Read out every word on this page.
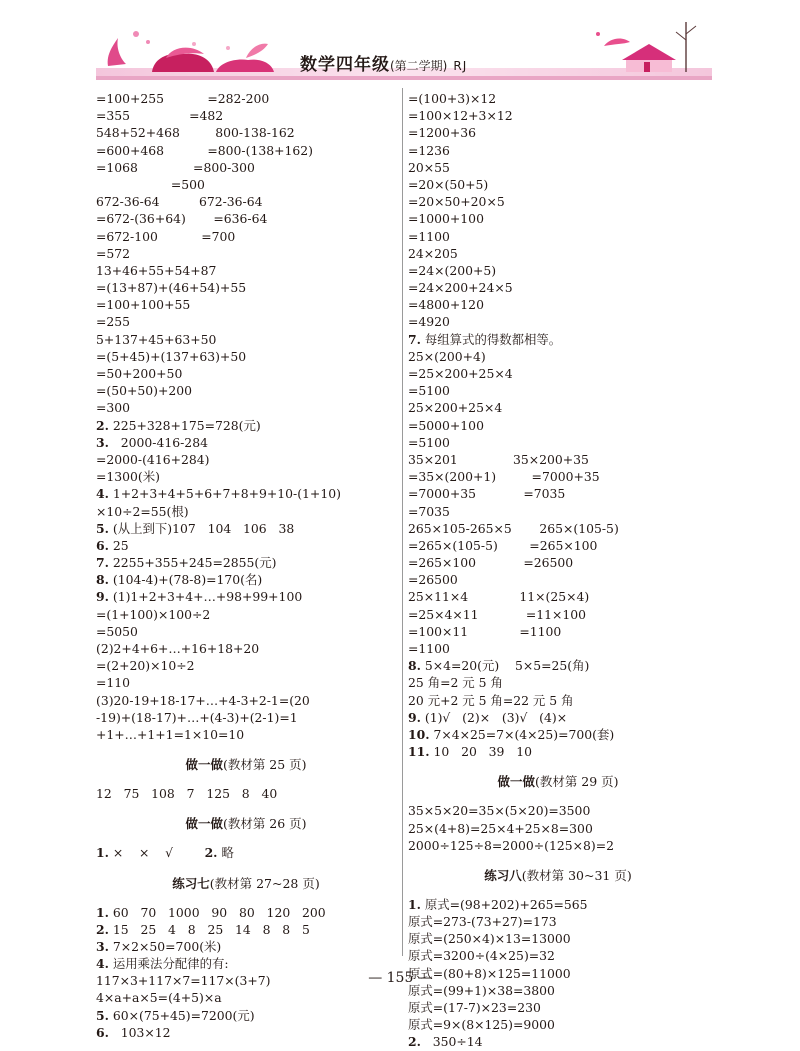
数学四年级(第二学期) RJ
=100+255           =282-200
=355               =482
548+52+468         800-138-162
=600+468           =800-(138+162)
=1068              =800-300
=500
672-36-64          672-36-64
=672-(36+64)       =636-64
=672-100           =700
=572
13+46+55+54+87
=(13+87)+(46+54)+55
=100+100+55
=255
5+137+45+63+50
=(5+45)+(137+63)+50
=50+200+50
=(50+50)+200
=300
2. 225+328+175=728(元)
3.   2000-416-284
=2000-(416+284)
=1300(米)
4. 1+2+3+4+5+6+7+8+9+10-(1+10)
×10÷2=55(根)
5. (从上到下)107   104   106   38
6. 25
7. 2255+355+245=2855(元)
8. (104-4)+(78-8)=170(名)
9. (1)1+2+3+4+…+98+99+100
=(1+100)×100÷2
=5050
(2)2+4+6+…+16+18+20
=(2+20)×10÷2
=110
(3)20-19+18-17+…+4-3+2-1=(20
-19)+(18-17)+…+(4-3)+(2-1)=1
+1+…+1+1=1×10=10
做一做(教材第 25 页)
12   75   108   7   125   8   40
做一做(教材第 26 页)
1. ×    ×    √        2. 略
练习七(教材第 27~28 页)
1. 60   70   1000   90   80   120   200
2. 15   25   4   8   25   14   8   8   5
3. 7×2×50=700(米)
4. 运用乘法分配律的有:
117×3+117×7=117×(3+7)
4×a+a×5=(4+5)×a
5. 60×(75+45)=7200(元)
6.   103×12
=(100+3)×12
=100×12+3×12
=1200+36
=1236
20×55
=20×(50+5)
=20×50+20×5
=1000+100
=1100
24×205
=24×(200+5)
=24×200+24×5
=4800+120
=4920
7. 每组算式的得数都相等。
25×(200+4)
=25×200+25×4
=5100
25×200+25×4
=5000+100
=5100
35×201              35×200+35
=35×(200+1)         =7000+35
=7000+35            =7035
=7035
265×105-265×5       265×(105-5)
=265×(105-5)        =265×100
=265×100            =26500
=26500
25×11×4             11×(25×4)
=25×4×11            =11×100
=100×11             =1100
=1100
8. 5×4=20(元)    5×5=25(角)
25 角=2 元 5 角
20 元+2 元 5 角=22 元 5 角
9. (1)√   (2)×   (3)√   (4)×
10. 7×4×25=7×(4×25)=700(套)
11. 10   20   39   10
做一做(教材第 29 页)
35×5×20=35×(5×20)=3500
25×(4+8)=25×4+25×8=300
2000÷125÷8=2000÷(125×8)=2
练习八(教材第 30~31 页)
1. 原式=(98+202)+265=565
原式=273-(73+27)=173
原式=(250×4)×13=13000
原式=3200÷(4×25)=32
原式=(80+8)×125=11000
原式=(99+1)×38=3800
原式=(17-7)×23=230
原式=9×(8×125)=9000
2.   350÷14
— 155 —
